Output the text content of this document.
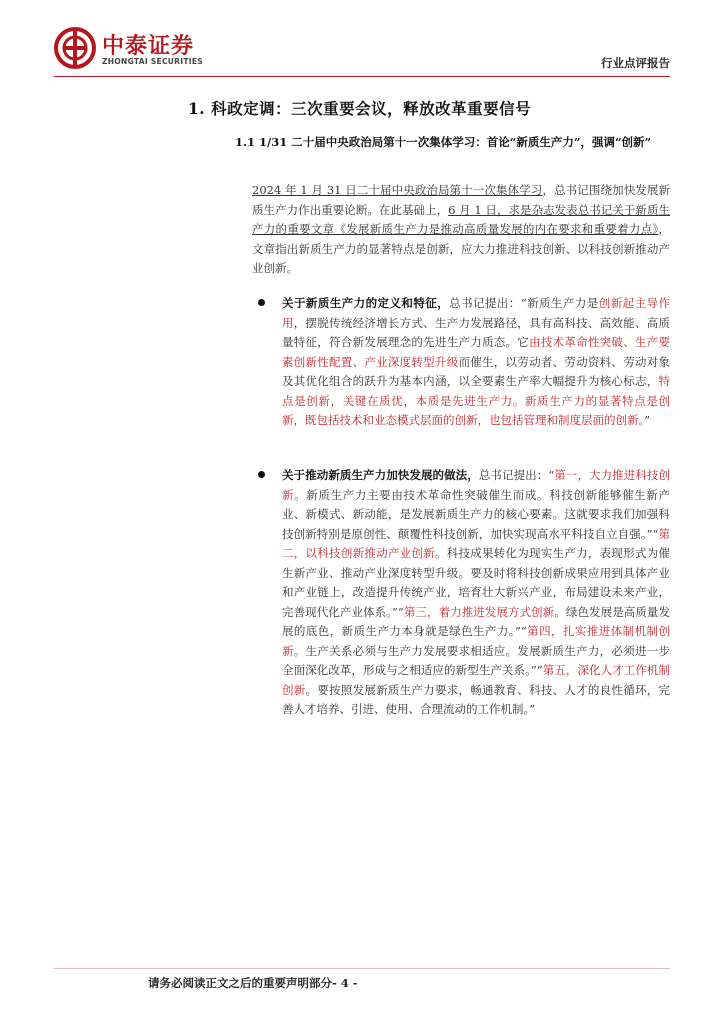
中泰证券
ZHONGTAI SECURITIES	行业点评报告
1. 科政定调：三次重要会议，释放改革重要信号
1.1 1/31 二十届中央政治局第十一次集体学习：首论“新质生产力”，强调“创新”
2024 年 1 月 31 日二十届中央政治局第十一次集体学习，总书记围绕加快发展新质生产力作出重要论断。在此基础上，6 月 1 日，求是杂志发表总书记关于新质生产力的重要文章《发展新质生产力是推动高质量发展的内在要求和重要着力点》，文章指出新质生产力的显著特点是创新，应大力推进科技创新、以科技创新推动产业创新。
关于新质生产力的定义和特征，总书记提出：“新质生产力是创新起主导作用，摆脱传统经济增长方式、生产力发展路径，具有高科技、高效能、高质量特征，符合新发展理念的先进生产力质态。它由技术革命性突破、生产要素创新性配置、产业深度转型升级而催生，以劳动者、劳动资料、劳动对象及其优化组合的跃升为基本内涵，以全要素生产率大幅提升为核心标志，特点是创新，关键在质优，本质是先进生产力。新质生产力的显著特点是创新，既包括技术和业态模式层面的创新，也包括管理和制度层面的创新。”
关于推动新质生产力加快发展的做法，总书记提出：“第一，大力推进科技创新。新质生产力主要由技术革命性突破催生而成。科技创新能够催生新产业、新模式、新动能，是发展新质生产力的核心要素。这就要求我们加强科技创新特别是原创性、颠覆性科技创新，加快实现高水平科技自立自强。”“第二，以科技创新推动产业创新。科技成果转化为现实生产力，表现形式为催生新产业、推动产业深度转型升级。要及时将科技创新成果应用到具体产业和产业链上，改造提升传统产业，培育壮大新兴产业，布局建设未来产业，完善现代化产业体系。”“第三，着力推进发展方式创新。绿色发展是高质量发展的底色，新质生产力本身就是绿色生产力。”“第四，扎实推进体制机制创新。生产关系必须与生产力发展要求相适应。发展新质生产力，必须进一步全面深化改革，形成与之相适应的新型生产关系。”“第五，深化人才工作机制创新。要按照发展新质生产力要求，畅通教育、科技、人才的良性循环，完善人才培养、引进、使用、合理流动的工作机制。”
请务必阅读正文之后的重要声明部分- 4 -
